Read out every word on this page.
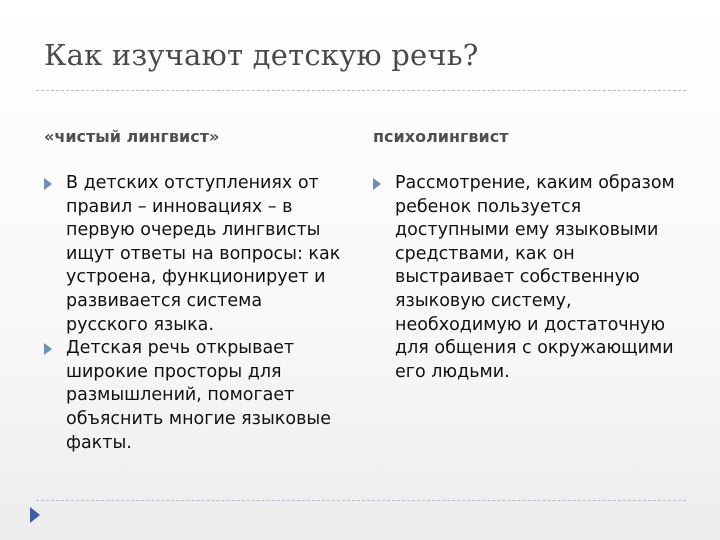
Как изучают детскую речь?
«чистый лингвист»
В детских отступлениях от правил – инновациях – в первую очередь лингвисты ищут ответы на вопросы: как устроена, функционирует и развивается система русского языка.
Детская речь открывает широкие просторы для размышлений, помогает объяснить многие языковые факты.
психолингвист
Рассмотрение, каким образом ребенок пользуется доступными ему языковыми средствами, как он выстраивает собственную языковую систему, необходимую и достаточную для общения с окружающими его людьми.
